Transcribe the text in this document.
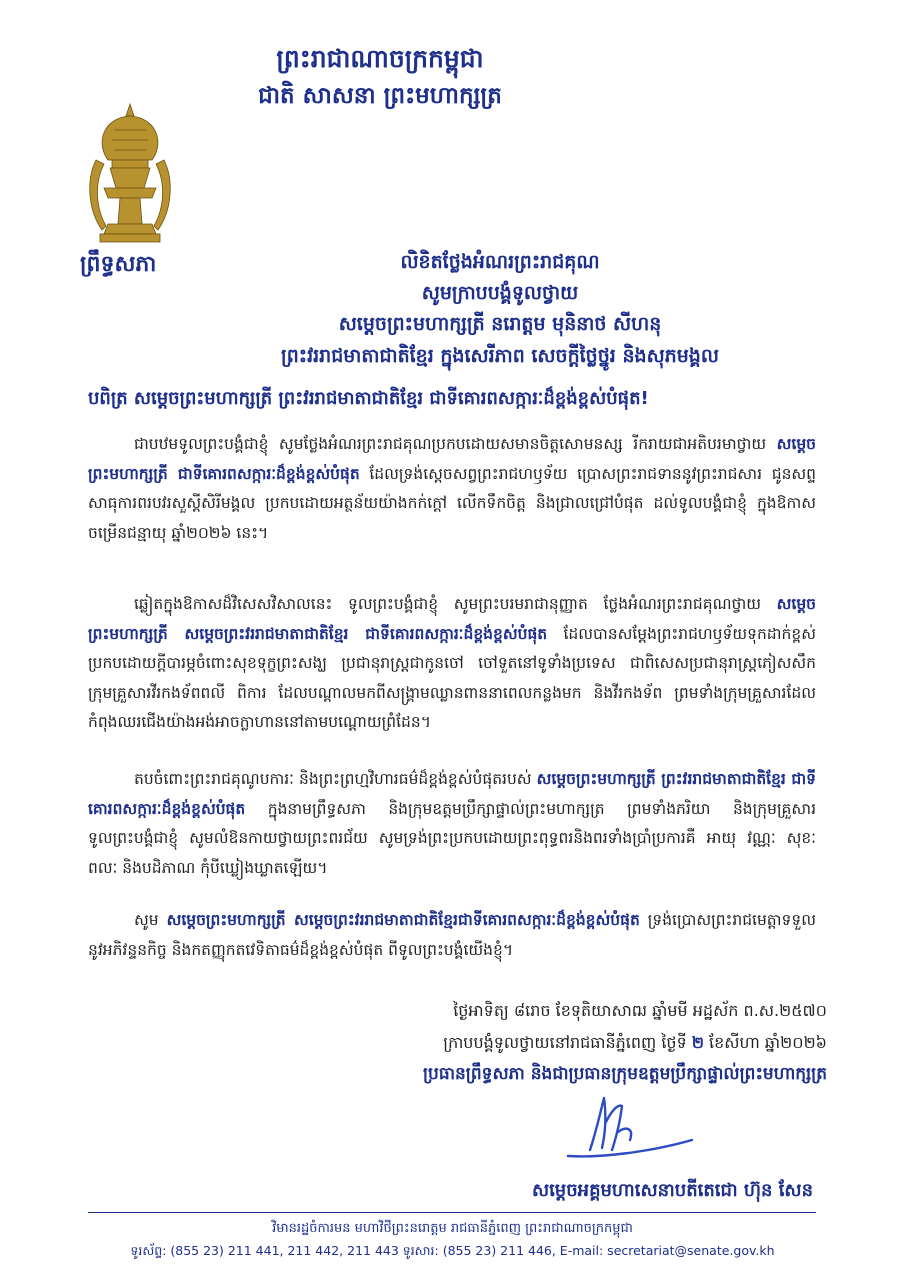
ព្រះរាជាណាចក្រកម្ពុជា
ជាតិ សាសនា ព្រះមហាក្សត្រ
ព្រឹទ្ធសភា	លិខិតថ្លែងអំណរព្រះរាជគុណ
សូមក្រាបបង្គំទូលថ្វាយ
សម្តេចព្រះមហាក្សត្រី នរោត្តម មុនិនាថ សីហនុ
ព្រះវររាជមាតាជាតិខ្មែរ ក្នុងសេរីភាព សេចក្តីថ្លៃថ្នូរ និងសុភមង្គល
បពិត្រ សម្តេចព្រះមហាក្សត្រី ព្រះវររាជមាតាជាតិខ្មែរ ជាទីគោរពសក្ការៈដ៏ខ្ពង់ខ្ពស់បំផុត!
ជាបឋមទូលព្រះបង្គំជាខ្ញុំ សូមថ្លែងអំណរព្រះរាជគុណប្រកបដោយសមានចិត្តសោមនស្ស រីករាយជាអតិបរមាថ្វាយ សម្តេចព្រះមហាក្សត្រី ជាទីគោរពសក្ការៈដ៏ខ្ពង់ខ្ពស់បំផុត ដែលទ្រង់ស្តេចសព្វព្រះរាជហឫទ័យ ប្រោសព្រះរាជទាននូវព្រះរាជសារ ជូនសព្ទសាធុការពរបវរសួស្តីសិរីមង្គល ប្រកបដោយអត្ថន័យយ៉ាងកក់ក្តៅ លើកទឹកចិត្ត និងជ្រាលជ្រៅបំផុត ដល់ទូលបង្គំជាខ្ញុំ ក្នុងឱកាសចម្រើនជន្មាយុ ឆ្នាំ២០២៦ នេះ។
ឆ្លៀតក្នុងឱកាសដ៏វិសេសវិសាលនេះ ទូលព្រះបង្គំជាខ្ញុំ សូមព្រះបរមរាជានុញ្ញាត ថ្លែងអំណរព្រះរាជគុណថ្វាយ សម្តេចព្រះមហាក្សត្រី សម្តេចព្រះវររាជមាតាជាតិខ្មែរ ជាទីគោរពសក្ការៈដ៏ខ្ពង់ខ្ពស់បំផុត ដែលបានសម្តែងព្រះរាជហឫទ័យទុកដាក់ខ្ពស់ ប្រកបដោយក្តីបារម្ភចំពោះសុខទុក្ខព្រះសង្ឃ ប្រជានុរាស្ត្រជាកូនចៅ ចៅទួតនៅទូទាំងប្រទេស ជាពិសេសប្រជានុរាស្ត្រភៀសសឹក ក្រុមគ្រួសារវីរកងទ័ពពលី ពិការ ដែលបណ្តាលមកពីសង្គ្រាមឈ្លានពាននាពេលកន្លងមក និងវីរកងទ័ព ព្រមទាំងក្រុមគ្រួសារដែលកំពុងឈរជើងយ៉ាងអង់អាចក្លាហាននៅតាមបណ្តោយព្រំដែន។
តបចំពោះព្រះរាជគុណូបការៈ និងព្រះព្រហ្មវិហារធម៌ដ៏ខ្ពង់ខ្ពស់បំផុតរបស់ សម្តេចព្រះមហាក្សត្រី ព្រះវររាជមាតាជាតិខ្មែរ ជាទីគោរពសក្ការៈដ៏ខ្ពង់ខ្ពស់បំផុត ក្នុងនាមព្រឹទ្ធសភា និងក្រុមឧត្តមប្រឹក្សាផ្ទាល់ព្រះមហាក្សត្រ ព្រមទាំងភរិយា និងក្រុមគ្រួសារ ទូលព្រះបង្គំជាខ្ញុំ សូមលំឱនកាយថ្វាយព្រះពរជ័យ សូមទ្រង់ព្រះប្រកបដោយព្រះពុទ្ធពរនិងពរទាំងប្រាំប្រការគឺ អាយុ វណ្ណៈ សុខៈ ពលៈ និងបដិភាណ កុំបីឃ្លៀងឃ្លាតឡើយ។
សូម សម្តេចព្រះមហាក្សត្រី សម្តេចព្រះវររាជមាតាជាតិខ្មែរជាទីគោរពសក្ការៈដ៏ខ្ពង់ខ្ពស់បំផុត ទ្រង់ប្រោសព្រះរាជមេត្តាទទួលនូវអភិវន្ទនកិច្ច និងកតញ្ញុកតវេទិតាធម៌ដ៏ខ្ពង់ខ្ពស់បំផុត ពីទូលព្រះបង្គំយើងខ្ញុំ។
ថ្ងៃអាទិត្យ ៨រោច ខែទុតិយាសាឍ ឆ្នាំមមី អដ្ឋស័ក ព.ស.២៥៧០
ក្រាបបង្គំទូលថ្វាយនៅរាជធានីភ្នំពេញ ថ្ងៃទី ២ ខែសីហា ឆ្នាំ២០២៦
ប្រធានព្រឹទ្ធសភា និងជាប្រធានក្រុមឧត្តមប្រឹក្សាផ្ទាល់ព្រះមហាក្សត្រ
សម្តេចអគ្គមហាសេនាបតីតេជោ ហ៊ុន សែន
វិមានរដ្ឋចំការមន មហាវិថីព្រះនរោត្តម រាជធានីភ្នំពេញ ព្រះរាជាណាចក្រកម្ពុជា
ទូរស័ព្ទ: (855 23) 211 441, 211 442, 211 443 ទូរសារ: (855 23) 211 446, E-mail: secretariat@senate.gov.kh
